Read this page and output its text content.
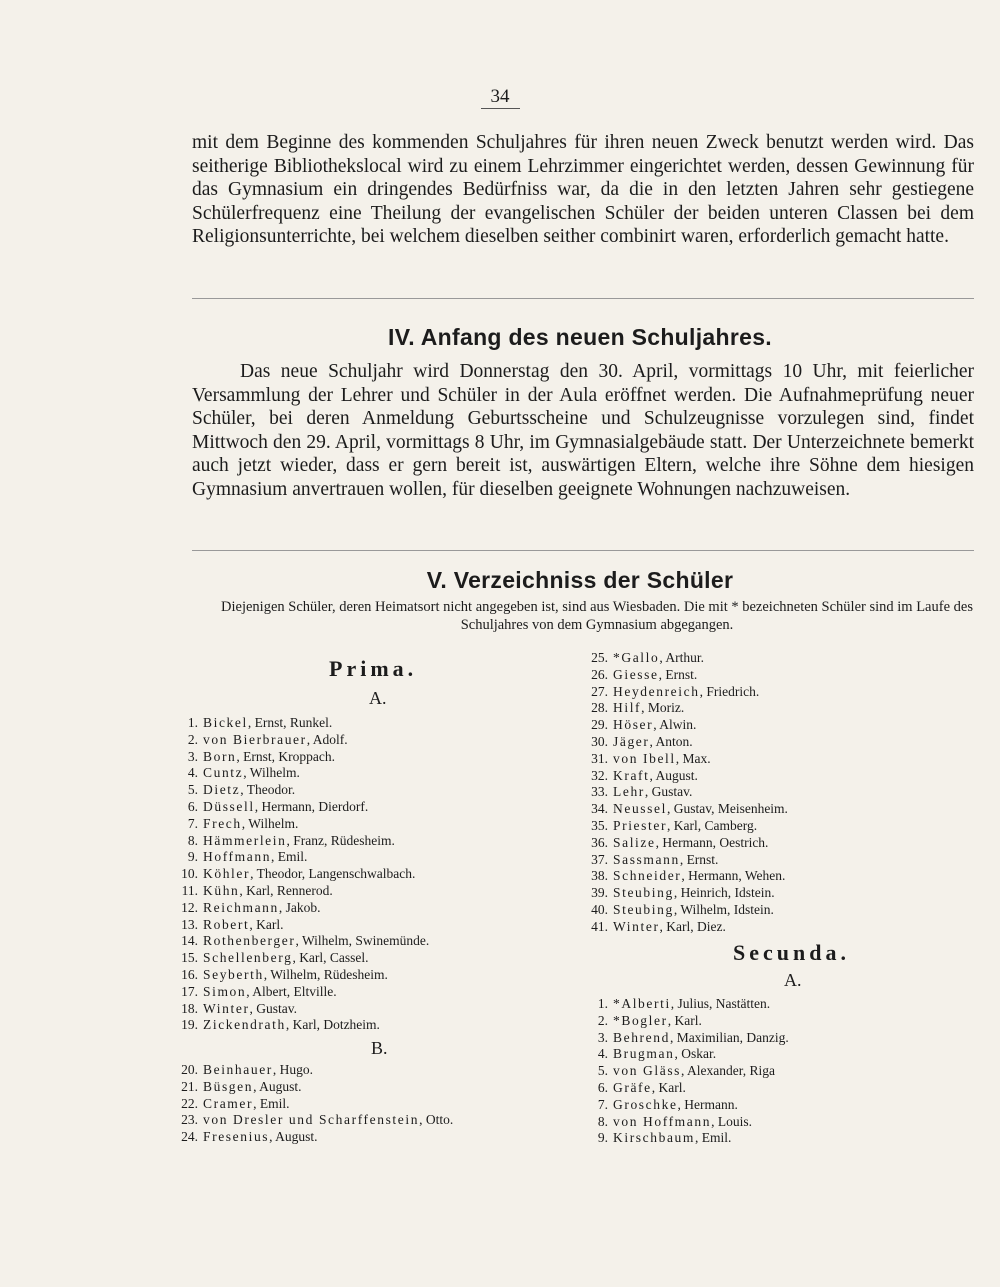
34

mit dem Beginne des kommenden Schuljahres für ihren neuen Zweck benutzt werden wird. Das seitherige Bibliothekslocal wird zu einem Lehrzimmer eingerichtet werden, dessen Gewinnung für das Gymnasium ein dringendes Bedürfniss war, da die in den letzten Jahren sehr gestiegene Schülerfrequenz eine Theilung der evangelischen Schüler der beiden unteren Classen bei dem Religionsunterrichte, bei welchem dieselben seither combinirt waren, erforderlich gemacht hatte.

IV. Anfang des neuen Schuljahres.

Das neue Schuljahr wird Donnerstag den 30. April, vormittags 10 Uhr, mit feierlicher Versammlung der Lehrer und Schüler in der Aula eröffnet werden. Die Aufnahmeprüfung neuer Schüler, bei deren Anmeldung Geburtsscheine und Schulzeugnisse vorzulegen sind, findet Mittwoch den 29. April, vormittags 8 Uhr, im Gymnasialgebäude statt. Der Unterzeichnete bemerkt auch jetzt wieder, dass er gern bereit ist, auswärtigen Eltern, welche ihre Söhne dem hiesigen Gymnasium anvertrauen wollen, für dieselben geeignete Wohnungen nachzuweisen.

V. Verzeichniss der Schüler
Diejenigen Schüler, deren Heimatsort nicht angegeben ist, sind aus Wiesbaden. Die mit * bezeichneten Schüler sind im Laufe des Schuljahres von dem Gymnasium abgegangen.
Prima.
A.
1. Bickel, Ernst, Runkel.
2. von Bierbrauer, Adolf.
3. Born, Ernst, Kroppach.
4. Cuntz, Wilhelm.
5. Dietz, Theodor.
6. Düssell, Hermann, Dierdorf.
7. Frech, Wilhelm.
8. Hämmerlein, Franz, Rüdesheim.
9. Hoffmann, Emil.
10. Köhler, Theodor, Langenschwalbach.
11. Kühn, Karl, Rennerod.
12. Reichmann, Jakob.
13. Robert, Karl.
14. Rothenberger, Wilhelm, Swinemünde.
15. Schellenberg, Karl, Cassel.
16. Seyberth, Wilhelm, Rüdesheim.
17. Simon, Albert, Eltville.
18. Winter, Gustav.
19. Zickendrath, Karl, Dotzheim.
B.
20. Beinhauer, Hugo.
21. Büsgen, August.
22. Cramer, Emil.
23. von Dresler und Scharffenstein, Otto.
24. Fresenius, August.
25. *Gallo, Arthur.
26. Giesse, Ernst.
27. Heydenreich, Friedrich.
28. Hilf, Moriz.
29. Höser, Alwin.
30. Jäger, Anton.
31. von Ibell, Max.
32. Kraft, August.
33. Lehr, Gustav.
34. Neussel, Gustav, Meisenheim.
35. Priester, Karl, Camberg.
36. Salize, Hermann, Oestrich.
37. Sassmann, Ernst.
38. Schneider, Hermann, Wehen.
39. Steubing, Heinrich, Idstein.
40. Steubing, Wilhelm, Idstein.
41. Winter, Karl, Diez.
Secunda.
A.
1. *Alberti, Julius, Nastätten.
2. *Bogler, Karl.
3. Behrend, Maximilian, Danzig.
4. Brugman, Oskar.
5. von Gläss, Alexander, Riga
6. Gräfe, Karl.
7. Groschke, Hermann.
8. von Hoffmann, Louis.
9. Kirschbaum, Emil.
